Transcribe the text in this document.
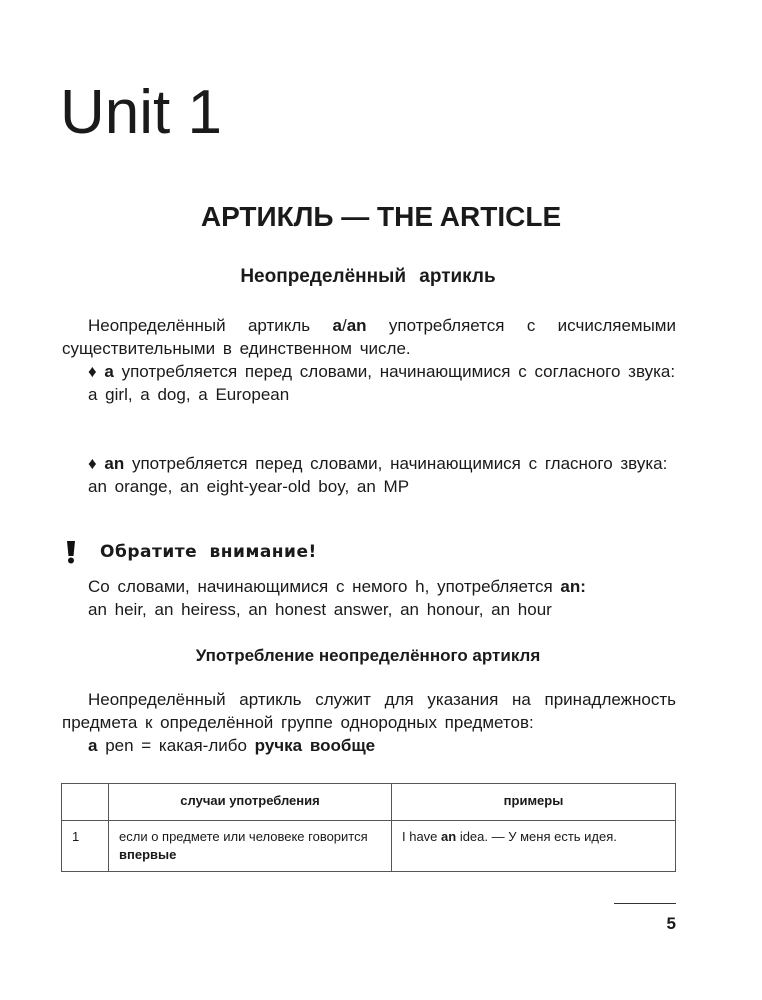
Unit 1
АРТИКЛЬ — THE ARTICLE
Неопределённый артикль

Неопределённый артикль a/an употребляется с исчисляемыми существительными в единственном числе.

♦ a употребляется перед словами, начинающимися с согласного звука:

a girl, a dog, a European

♦ an употребляется перед словами, начинающимися с гласного звука:

an orange, an eight-year-old boy, an MP

Обратите внимание!

Со словами, начинающимися с немого h, употребляется an:

an heir, an heiress, an honest answer, an honour, an hour

Употребление неопределённого артикля

Неопределённый артикль служит для указания на принадлежность предмета к определённой группе однородных предметов:

a pen = какая-либо ручка вообще

	случаи употребления	примеры
1	если о предмете или человеке говорится впервые	I have an idea. — У меня есть идея.
5
